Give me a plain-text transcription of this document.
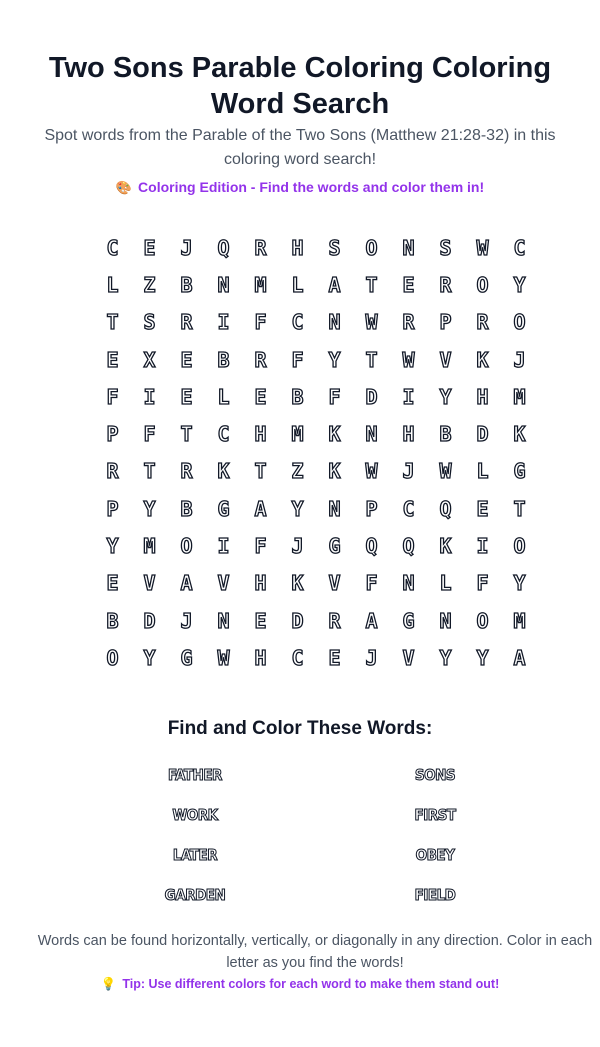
Two Sons Parable Coloring Coloring Word Search

Spot words from the Parable of the Two Sons (Matthew 21:28-32) in this coloring word search!

🎨 Coloring Edition - Find the words and color them in!
C	E	J	Q	R	H	S	O	N	S	W	C
L	Z	B	N	M	L	A	T	E	R	O	Y
T	S	R	I	F	C	N	W	R	P	R	O
E	X	E	B	R	F	Y	T	W	V	K	J
F	I	E	L	E	B	F	D	I	Y	H	M
P	F	T	C	H	M	K	N	H	B	D	K
R	T	R	K	T	Z	K	W	J	W	L	G
P	Y	B	G	A	Y	N	P	C	Q	E	T
Y	M	O	I	F	J	G	Q	Q	K	I	O
E	V	A	V	H	K	V	F	N	L	F	Y
B	D	J	N	E	D	R	A	G	N	O	M
O	Y	G	W	H	C	E	J	V	Y	Y	A
Find and Color These Words:
FATHER	SONS
WORK	FIRST
LATER	OBEY
GARDEN	FIELD

Words can be found horizontally, vertically, or diagonally in any direction. Color in each letter as you find the words!

💡 Tip: Use different colors for each word to make them stand out!
